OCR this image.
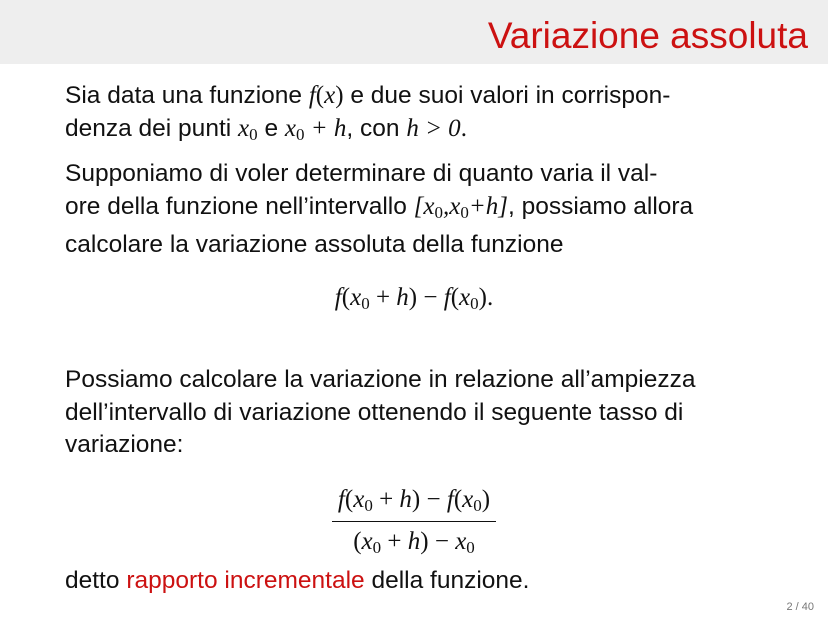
Variazione assoluta

Sia data una funzione f(x) e due suoi valori in corrispon-
denza dei punti $x_0$ e $x_0 + h$, con h > 0.

Supponiamo di voler determinare di quanto varia il val-
ore della funzione nell’intervallo $[x_0,x_0+h]$, possiamo allora
calcolare la variazione assoluta della funzione

$f(x_0 + h) - f(x_0)$.

Possiamo calcolare la variazione in relazione all’ampiezza
dell’intervallo di variazione ottenendo il seguente tasso di
variazione:

$\frac{f(x_0 + h) - f(x_0)}{(x_0 + h) - x_0}$

detto rapporto incrementale della funzione.

2 / 40
